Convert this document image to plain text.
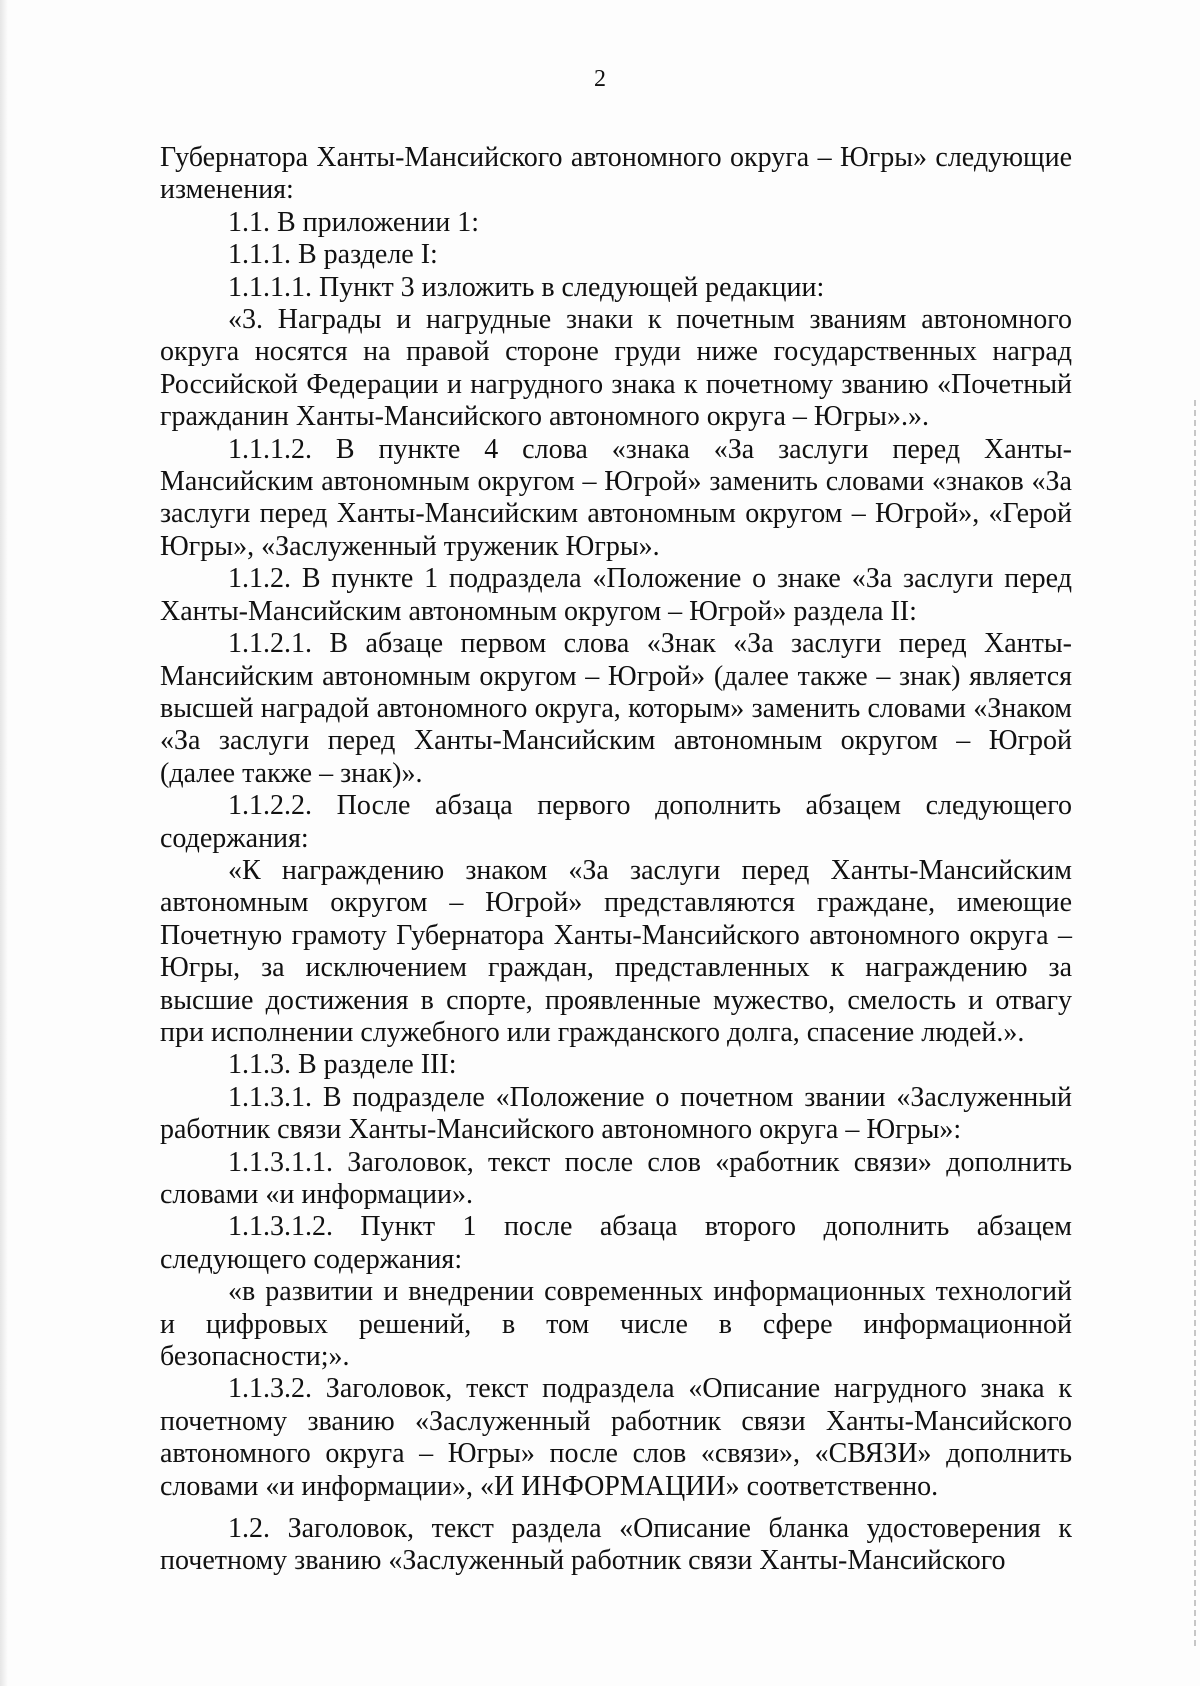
2

Губернатора Ханты-Мансийского автономного округа – Югры» следующие изменения:

1.1. В приложении 1:

1.1.1. В разделе I:

1.1.1.1. Пункт 3 изложить в следующей редакции:

«3. Награды и нагрудные знаки к почетным званиям автономного округа носятся на правой стороне груди ниже государственных наград Российской Федерации и нагрудного знака к почетному званию «Почетный гражданин Ханты-Мансийского автономного округа – Югры».».

1.1.1.2. В пункте 4 слова «знака «За заслуги перед Ханты-Мансийским автономным округом – Югрой» заменить словами «знаков «За заслуги перед Ханты-Мансийским автономным округом – Югрой», «Герой Югры», «Заслуженный труженик Югры».

1.1.2. В пункте 1 подраздела «Положение о знаке «За заслуги перед Ханты-Мансийским автономным округом – Югрой» раздела II:

1.1.2.1. В абзаце первом слова «Знак «За заслуги перед Ханты-Мансийским автономным округом – Югрой» (далее также – знак) является высшей наградой автономного округа, которым» заменить словами «Знаком «За заслуги перед Ханты-Мансийским автономным округом – Югрой (далее также – знак)».

1.1.2.2. После абзаца первого дополнить абзацем следующего содержания:

«К награждению знаком «За заслуги перед Ханты-Мансийским автономным округом – Югрой» представляются граждане, имеющие Почетную грамоту Губернатора Ханты-Мансийского автономного округа – Югры, за исключением граждан, представленных к награждению за высшие достижения в спорте, проявленные мужество, смелость и отвагу при исполнении служебного или гражданского долга, спасение людей.».

1.1.3. В разделе III:

1.1.3.1. В подразделе «Положение о почетном звании «Заслуженный работник связи Ханты-Мансийского автономного округа – Югры»:

1.1.3.1.1. Заголовок, текст после слов «работник связи» дополнить словами «и информации».

1.1.3.1.2. Пункт 1 после абзаца второго дополнить абзацем следующего содержания:

«в развитии и внедрении современных информационных технологий и цифровых решений, в том числе в сфере информационной безопасности;».

1.1.3.2. Заголовок, текст подраздела «Описание нагрудного знака к почетному званию «Заслуженный работник связи Ханты-Мансийского автономного округа – Югры» после слов «связи», «СВЯЗИ» дополнить словами «и информации», «И ИНФОРМАЦИИ» соответственно.

1.2. Заголовок, текст раздела «Описание бланка удостоверения к почетному званию «Заслуженный работник связи Ханты-Мансийского
